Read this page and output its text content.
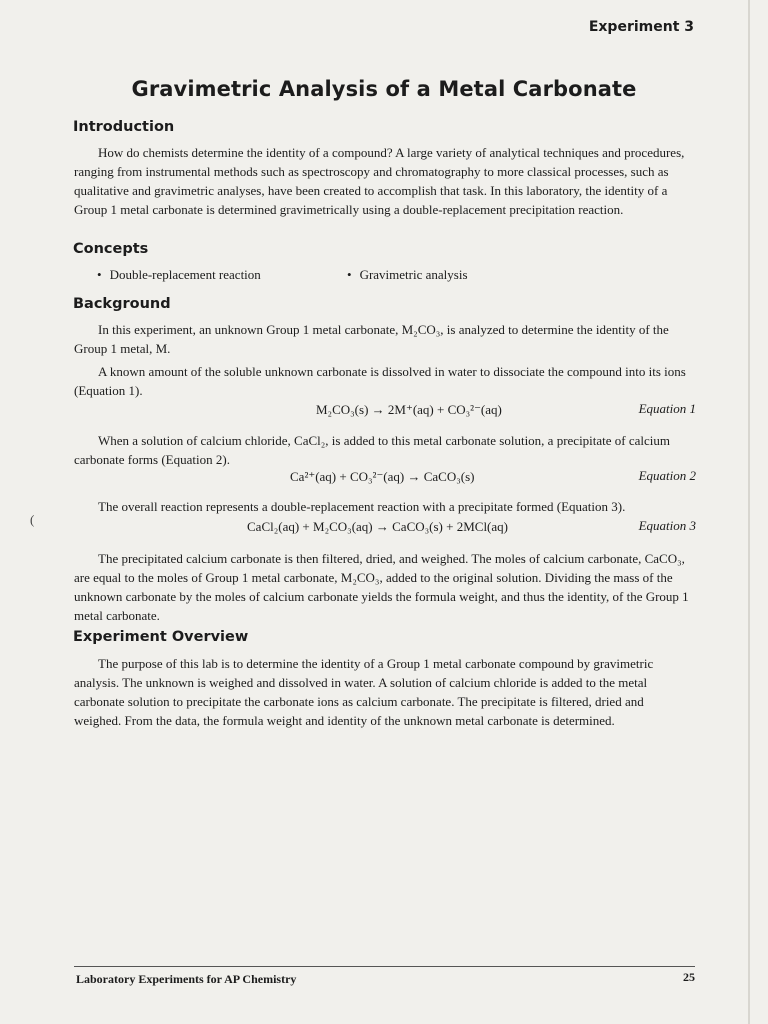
Experiment 3
Gravimetric Analysis of a Metal Carbonate
Introduction

How do chemists determine the identity of a compound? A large variety of analytical techniques and procedures, ranging from instrumental methods such as spectroscopy and chromatography to more classical processes, such as qualitative and gravimetric analyses, have been created to accomplish that task. In this laboratory, the identity of a Group 1 metal carbonate is determined gravimetrically using a double-replacement precipitation reaction.

Concepts
• Double-replacement reaction	• Gravimetric analysis
Background

In this experiment, an unknown Group 1 metal carbonate, M₂CO₃, is analyzed to determine the identity of the Group 1 metal, M.

A known amount of the soluble unknown carbonate is dissolved in water to dissociate the compound into its ions (Equation 1).

M₂CO₃(s) → 2M⁺(aq) + CO₃²⁻(aq)	Equation 1

When a solution of calcium chloride, CaCl₂, is added to this metal carbonate solution, a precipitate of calcium carbonate forms (Equation 2).

Ca²⁺(aq) + CO₃²⁻(aq) → CaCO₃(s)	Equation 2

The overall reaction represents a double-replacement reaction with a precipitate formed (Equation 3).

CaCl₂(aq) + M₂CO₃(aq) → CaCO₃(s) + 2MCl(aq)	Equation 3

The precipitated calcium carbonate is then filtered, dried, and weighed. The moles of calcium carbonate, CaCO₃, are equal to the moles of Group 1 metal carbonate, M₂CO₃, added to the original solution. Dividing the mass of the unknown carbonate by the moles of calcium carbonate yields the formula weight, and thus the identity, of the Group 1 metal carbonate.

(
Experiment Overview

The purpose of this lab is to determine the identity of a Group 1 metal carbonate compound by gravimetric analysis. The unknown is weighed and dissolved in water. A solution of calcium chloride is added to the metal carbonate solution to precipitate the carbonate ions as calcium carbonate. The precipitate is filtered, dried and weighed. From the data, the formula weight and identity of the unknown metal carbonate is determined.

Laboratory Experiments for AP Chemistry	25
